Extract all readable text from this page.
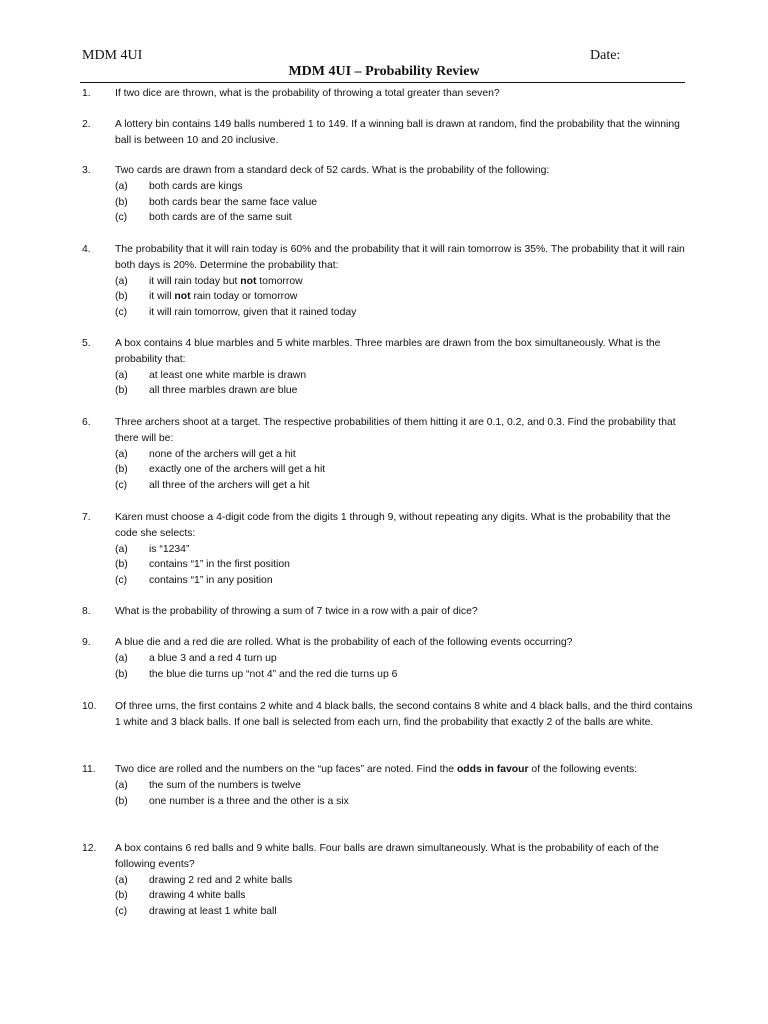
MDM 4UI	Date:
MDM 4UI – Probability Review
1. If two dice are thrown, what is the probability of throwing a total greater than seven?
2. A lottery bin contains 149 balls numbered 1 to 149. If a winning ball is drawn at random, find the probability that the winning ball is between 10 and 20 inclusive.
3. Two cards are drawn from a standard deck of 52 cards. What is the probability of the following:
(a) both cards are kings
(b) both cards bear the same face value
(c) both cards are of the same suit
4. The probability that it will rain today is 60% and the probability that it will rain tomorrow is 35%. The probability that it will rain both days is 20%. Determine the probability that:
(a) it will rain today but not tomorrow
(b) it will not rain today or tomorrow
(c) it will rain tomorrow, given that it rained today
5. A box contains 4 blue marbles and 5 white marbles. Three marbles are drawn from the box simultaneously. What is the probability that:
(a) at least one white marble is drawn
(b) all three marbles drawn are blue
6. Three archers shoot at a target. The respective probabilities of them hitting it are 0.1, 0.2, and 0.3. Find the probability that there will be:
(a) none of the archers will get a hit
(b) exactly one of the archers will get a hit
(c) all three of the archers will get a hit
7. Karen must choose a 4-digit code from the digits 1 through 9, without repeating any digits. What is the probability that the code she selects:
(a) is “1234”
(b) contains “1” in the first position
(c) contains “1” in any position
8. What is the probability of throwing a sum of 7 twice in a row with a pair of dice?
9. A blue die and a red die are rolled. What is the probability of each of the following events occurring?
(a) a blue 3 and a red 4 turn up
(b) the blue die turns up “not 4” and the red die turns up 6
10. Of three urns, the first contains 2 white and 4 black balls, the second contains 8 white and 4 black balls, and the third contains 1 white and 3 black balls. If one ball is selected from each urn, find the probability that exactly 2 of the balls are white.
11. Two dice are rolled and the numbers on the “up faces” are noted. Find the odds in favour of the following events:
(a) the sum of the numbers is twelve
(b) one number is a three and the other is a six
12. A box contains 6 red balls and 9 white balls. Four balls are drawn simultaneously. What is the probability of each of the following events?
(a) drawing 2 red and 2 white balls
(b) drawing 4 white balls
(c) drawing at least 1 white ball
